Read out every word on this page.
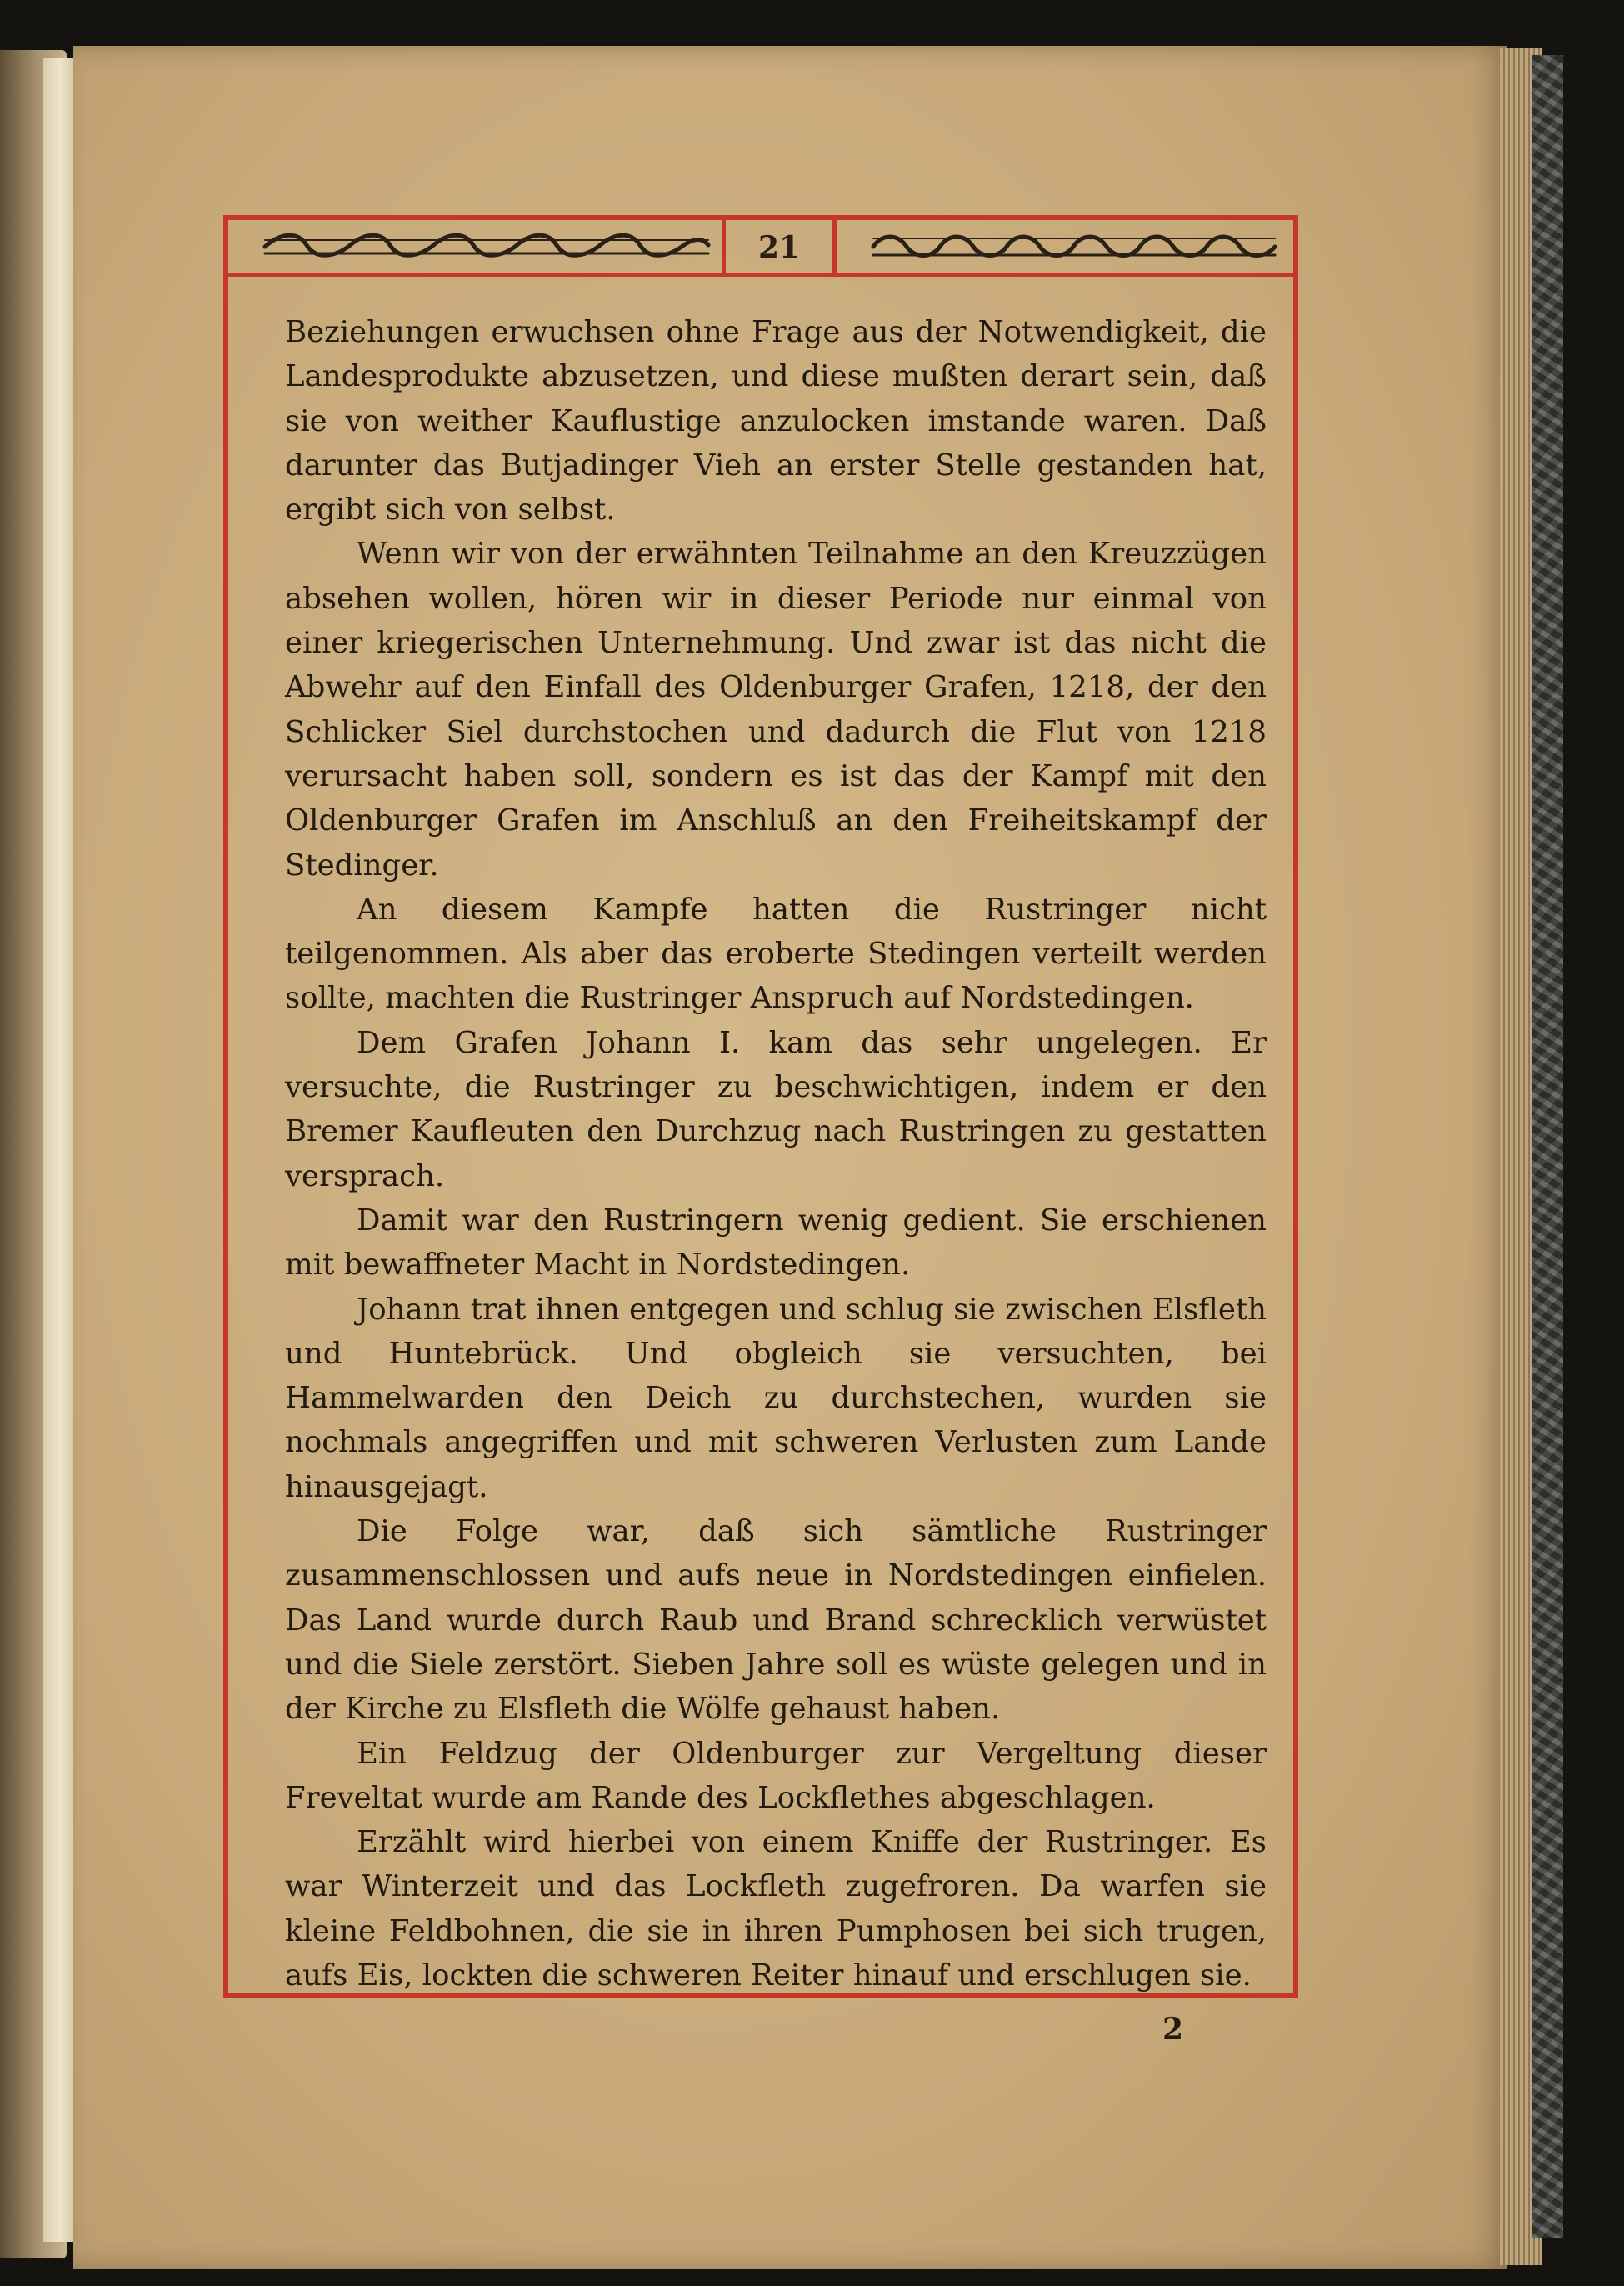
21

Beziehungen erwuchsen ohne Frage aus der Notwendigkeit, die Landesprodukte abzusetzen, und diese mußten derart sein, daß sie von weither Kauflustige anzulocken imstande waren. Daß darunter das Butjadinger Vieh an erster Stelle gestanden hat, ergibt sich von selbst.

Wenn wir von der erwähnten Teilnahme an den Kreuzzügen absehen wollen, hören wir in dieser Periode nur einmal von einer kriegerischen Unternehmung. Und zwar ist das nicht die Abwehr auf den Einfall des Oldenburger Grafen, 1218, der den Schlicker Siel durchstochen und dadurch die Flut von 1218 verursacht haben soll, sondern es ist das der Kampf mit den Oldenburger Grafen im Anschluß an den Freiheitskampf der Stedinger.

An diesem Kampfe hatten die Rustringer nicht teilgenommen. Als aber das eroberte Stedingen verteilt werden sollte, machten die Rustringer Anspruch auf Nordstedingen.

Dem Grafen Johann I. kam das sehr ungelegen. Er versuchte, die Rustringer zu beschwichtigen, indem er den Bremer Kaufleuten den Durchzug nach Rustringen zu gestatten versprach.

Damit war den Rustringern wenig gedient. Sie erschienen mit bewaffneter Macht in Nordstedingen.

Johann trat ihnen entgegen und schlug sie zwischen Elsfleth und Huntebrück. Und obgleich sie versuchten, bei Hammelwarden den Deich zu durchstechen, wurden sie nochmals angegriffen und mit schweren Verlusten zum Lande hinausgejagt.

Die Folge war, daß sich sämtliche Rustringer zusammenschlossen und aufs neue in Nordstedingen einfielen. Das Land wurde durch Raub und Brand schrecklich verwüstet und die Siele zerstört. Sieben Jahre soll es wüste gelegen und in der Kirche zu Elsfleth die Wölfe gehaust haben.

Ein Feldzug der Oldenburger zur Vergeltung dieser Freveltat wurde am Rande des Lockflethes abgeschlagen.

Erzählt wird hierbei von einem Kniffe der Rustringer. Es war Winterzeit und das Lockfleth zugefroren. Da warfen sie kleine Feldbohnen, die sie in ihren Pumphosen bei sich trugen, aufs Eis, lockten die schweren Reiter hinauf und erschlugen sie.

2
